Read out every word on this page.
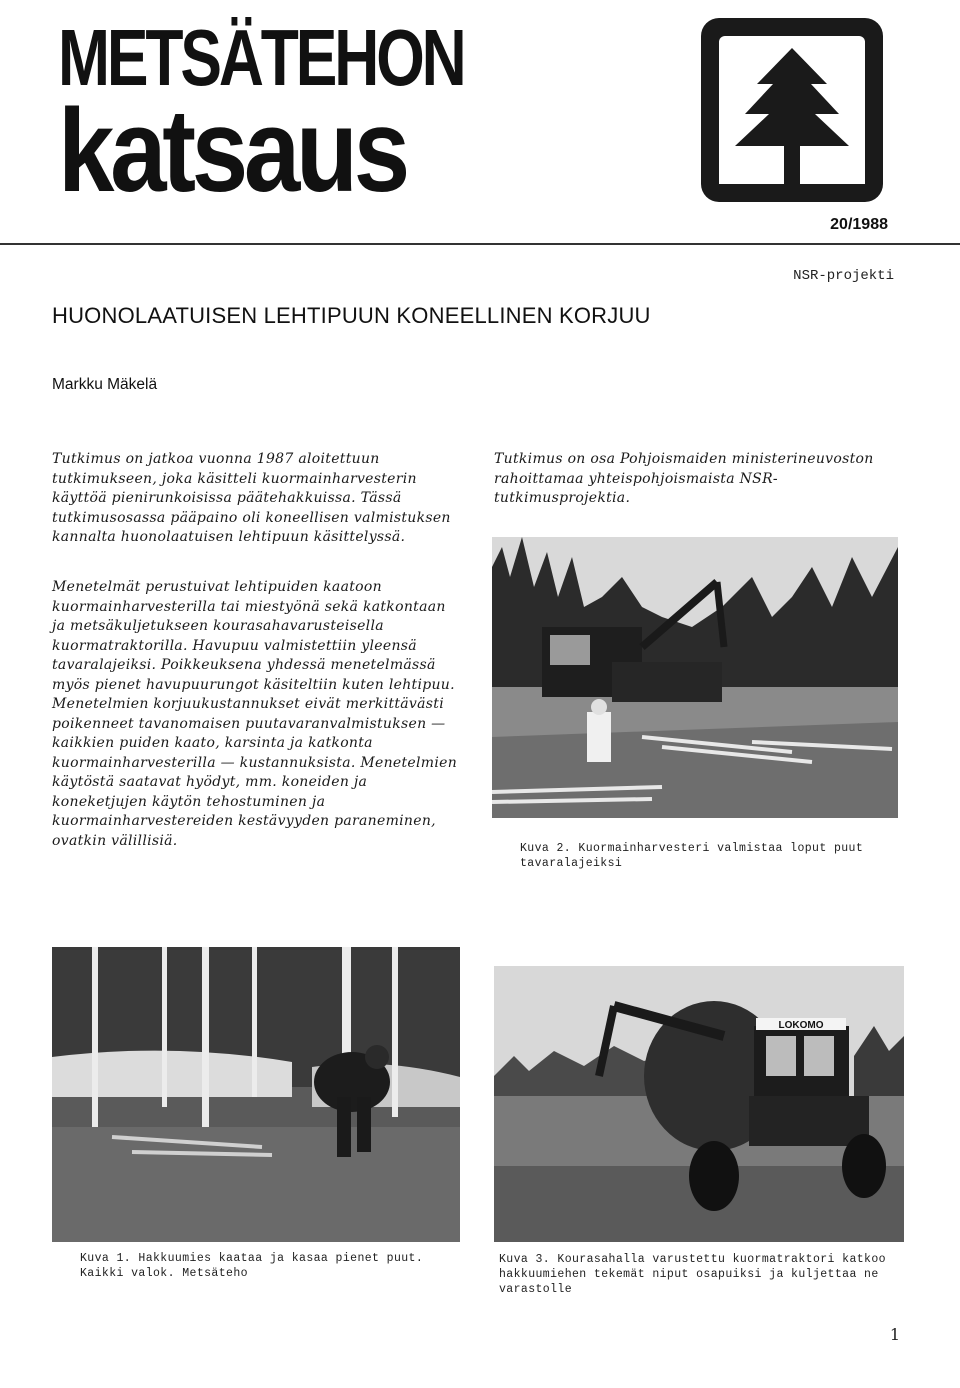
METSÄTEHON
katsaus
20/1988
NSR-projekti
HUONOLAATUISEN LEHTIPUUN KONEELLINEN KORJUU
Markku Mäkelä
Tutkimus on jatkoa vuonna 1987 aloitettuun tutkimukseen, joka käsitteli kuormainharvesterin käyttöä pienirunkoisissa päätehakkuissa. Tässä tutkimusosassa pääpaino oli koneellisen valmistuksen kannalta huonolaatuisen lehtipuun käsittelyssä.
Menetelmät perustuivat lehtipuiden kaatoon kuormainharvesterilla tai miestyönä sekä katkontaan ja metsäkuljetukseen kourasahavarusteisella kuormatraktorilla. Havupuu valmistettiin yleensä tavaralajeiksi. Poikkeuksena yhdessä menetelmässä myös pienet havupuurungot käsiteltiin kuten lehtipuu. Menetelmien korjuukustannukset eivät merkittävästi poikenneet tavanomaisen puutavaranvalmistuksen — kaikkien puiden kaato, karsinta ja katkonta kuormainharvesterilla — kustannuksista. Menetelmien käytöstä saatavat hyödyt, mm. koneiden ja koneketjujen käytön tehostuminen ja kuormainharvestereiden kestävyyden paraneminen, ovatkin välillisiä.
Tutkimus on osa Pohjoismaiden ministerineuvoston rahoittamaa yhteispohjoismaista NSR-tutkimusprojektia.
Kuva 2. Kuormainharvesteri valmistaa loput puut tavaralajeiksi
Kuva 1. Hakkuumies kaataa ja kasaa pienet puut. Kaikki valok. Metsäteho
LOKOMO
Kuva 3. Kourasahalla varustettu kuormatraktori katkoo hakkuumiehen tekemät niput osapuiksi ja kuljettaa ne varastolle
1
